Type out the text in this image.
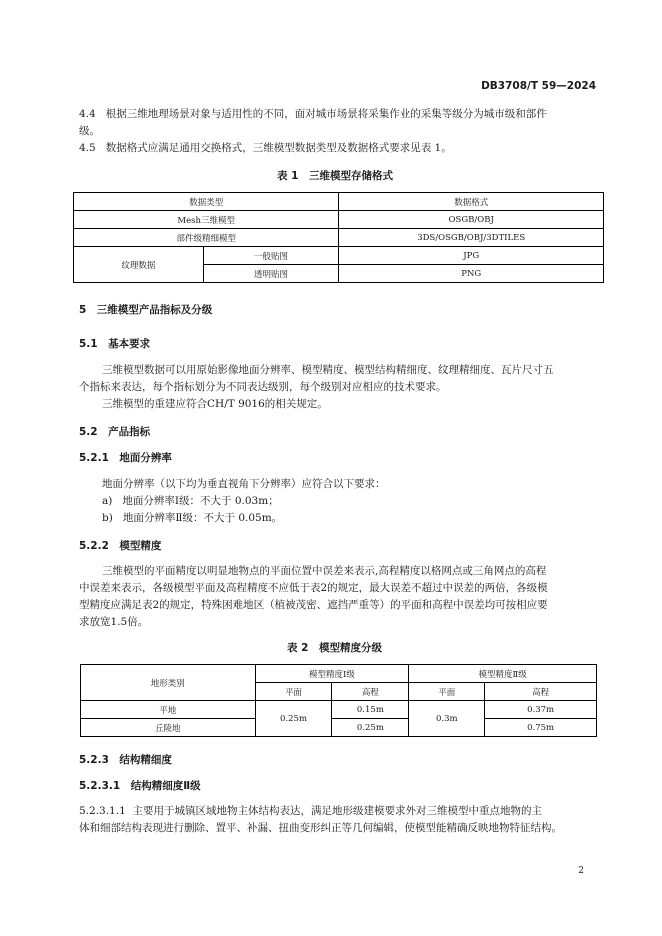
DB3708/T 59—2024
4.4 根据三维地理场景对象与适用性的不同，面对城市场景将采集作业的采集等级分为城市级和部件
级。
4.5 数据格式应满足通用交换格式，三维模型数据类型及数据格式要求见表 1。
表 1　三维模型存储格式
数据类型		数据格式
Mesh三维模型		OSGB/OBJ
部件级精细模型		3DS/OSGB/OBJ/3DTILES
纹理数据	一般贴图	JPG
	透明贴图	PNG
5　三维模型产品指标及分级
5.1　基本要求
三维模型数据可以用原始影像地面分辨率、模型精度、模型结构精细度、纹理精细度、瓦片尺寸五
个指标来表达，每个指标划分为不同表达级别，每个级别对应相应的技术要求。
三维模型的重建应符合CH/T 9016的相关规定。
5.2　产品指标
5.2.1　地面分辨率
地面分辨率（以下均为垂直视角下分辨率）应符合以下要求：
a) 地面分辨率Ⅰ级：不大于 0.03m；
b) 地面分辨率Ⅱ级：不大于 0.05m。
5.2.2　模型精度
三维模型的平面精度以明显地物点的平面位置中误差来表示,高程精度以格网点或三角网点的高程
中误差来表示，各级模型平面及高程精度不应低于表2的规定，最大误差不超过中误差的两倍，各级模
型精度应满足表2的规定，特殊困难地区（植被茂密、遮挡严重等）的平面和高程中误差均可按相应要
求放宽1.5倍。
表 2　模型精度分级
地形类别	模型精度Ⅰ级		模型精度Ⅱ级	
	平面	高程	平面	高程
平地	0.25m	0.15m	0.3m	0.37m
丘陵地		0.25m		0.75m
5.2.3　结构精细度
5.2.3.1　结构精细度Ⅱ级
5.2.3.1.1 主要用于城镇区域地物主体结构表达，满足地形级建模要求外对三维模型中重点地物的主
体和细部结构表现进行删除、置平、补漏、扭曲变形纠正等几何编辑，使模型能精确反映地物特征结构。
2
